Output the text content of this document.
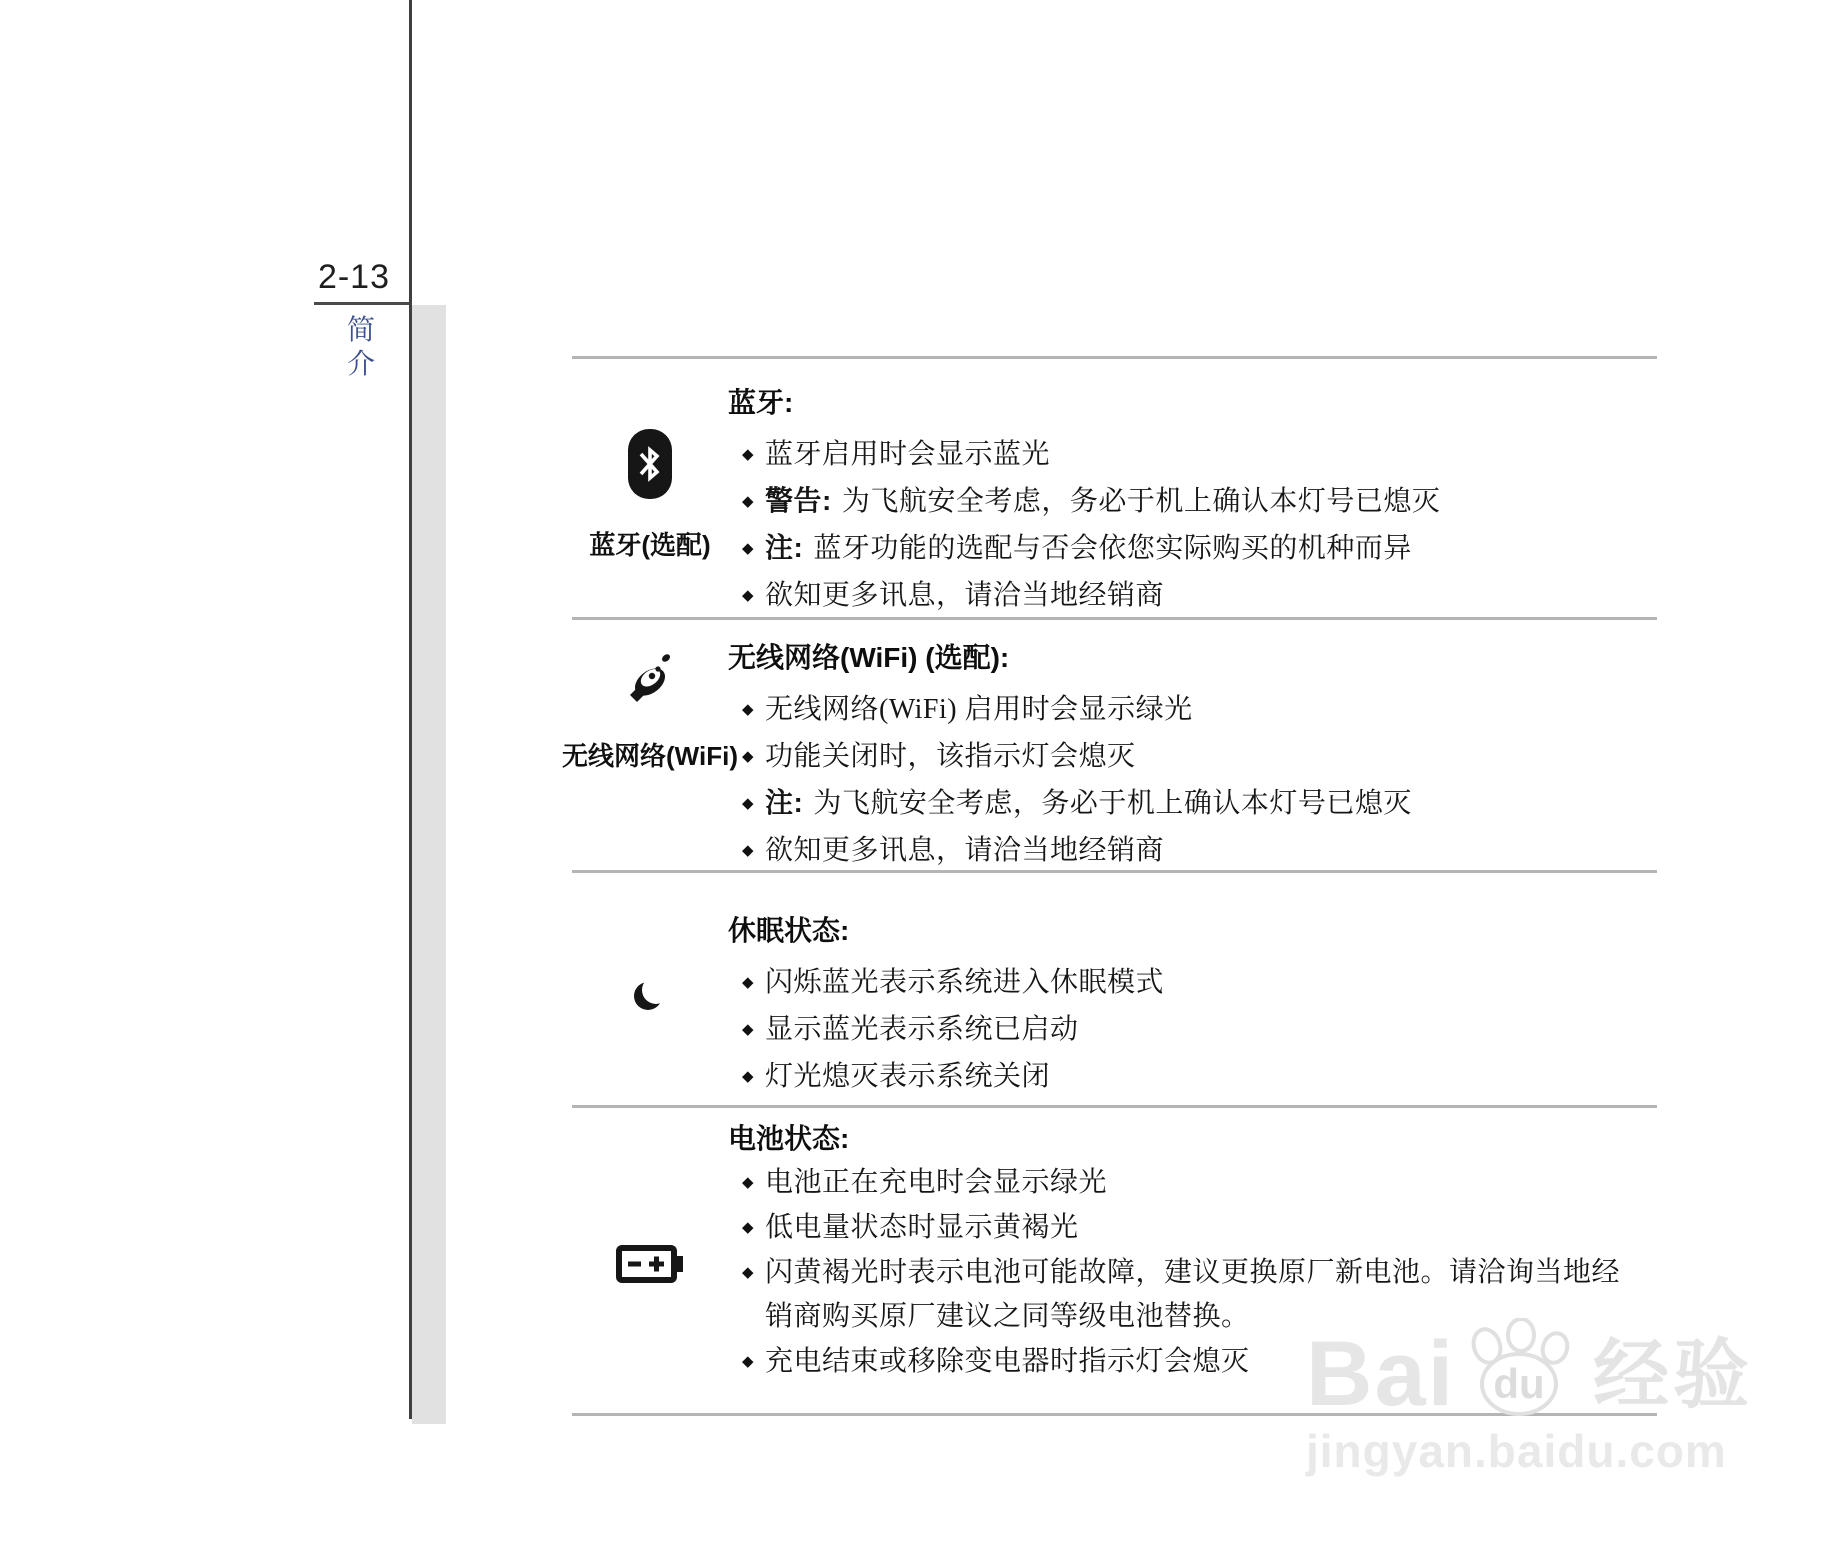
2-13
简
介
蓝牙(选配)
蓝牙:
◆ 蓝牙启用时会显示蓝光
◆ 警告: 为飞航安全考虑，务必于机上确认本灯号已熄灭
◆ 注: 蓝牙功能的选配与否会依您实际购买的机种而异
◆ 欲知更多讯息，请洽当地经销商
无线网络(WiFi)
无线网络(WiFi) (选配):
◆ 无线网络(WiFi) 启用时会显示绿光
◆ 功能关闭时，该指示灯会熄灭
◆ 注: 为飞航安全考虑，务必于机上确认本灯号已熄灭
◆ 欲知更多讯息，请洽当地经销商
休眠状态:
◆ 闪烁蓝光表示系统进入休眠模式
◆ 显示蓝光表示系统已启动
◆ 灯光熄灭表示系统关闭
电池状态:
◆ 电池正在充电时会显示绿光
◆ 低电量状态时显示黄褐光
◆ 闪黄褐光时表示电池可能故障，建议更换原厂新电池。请洽询当地经销商购买原厂建议之同等级电池替换。
◆ 充电结束或移除变电器时指示灯会熄灭 Bai du 经验
jingyan.baidu.com
